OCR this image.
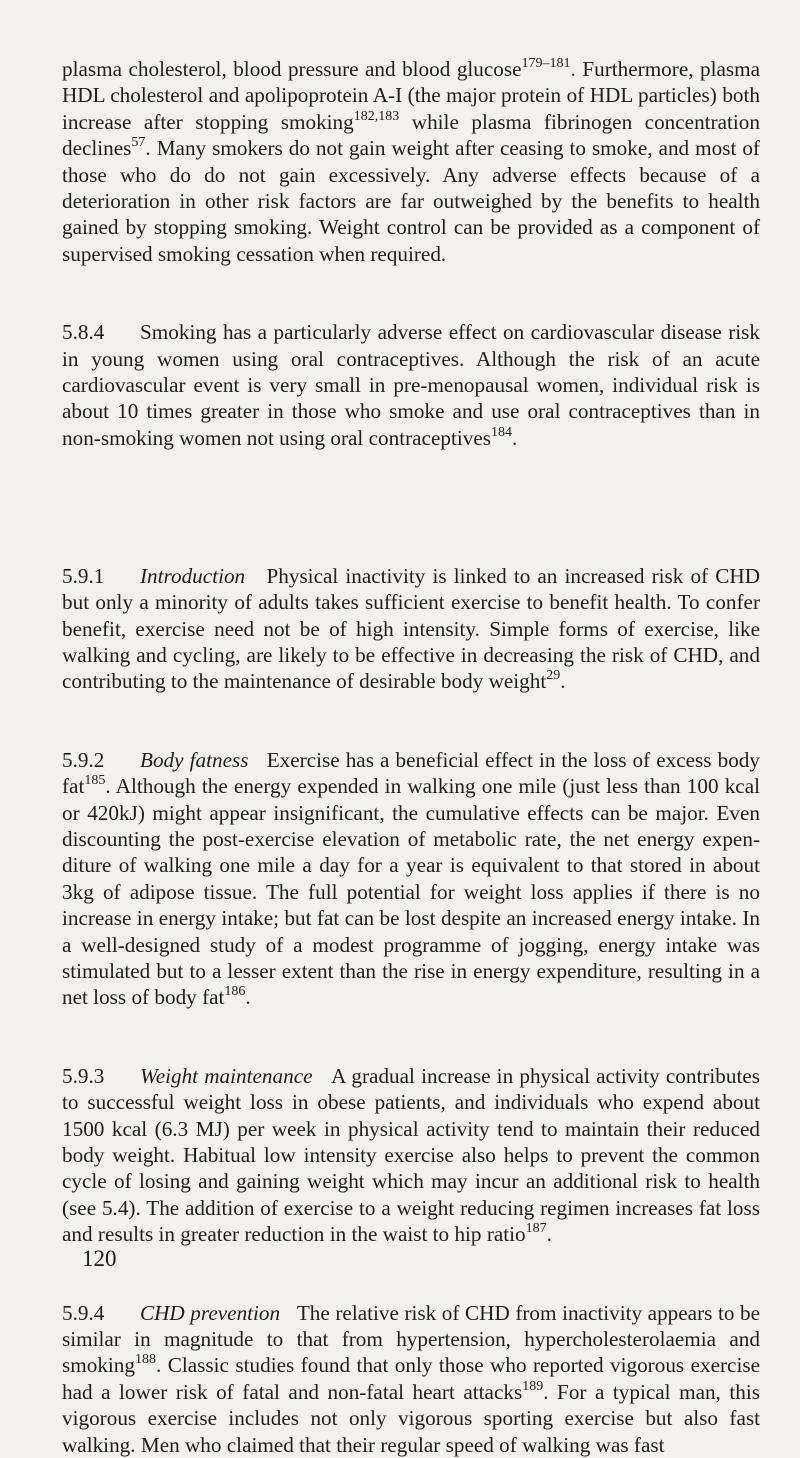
plasma cholesterol, blood pressure and blood glucose$^{179-181}$. Furthermore, plasma HDL cholesterol and apolipoprotein A-I (the major protein of HDL particles) both increase after stopping smoking$^{182,183}$ while plasma fibrinogen concentration declines$^{57}$. Many smokers do not gain weight after ceasing to smoke, and most of those who do do not gain excessively. Any adverse effects because of a deterioration in other risk factors are far outweighed by the benefits to health gained by stopping smoking. Weight control can be provided as a component of supervised smoking cessation when required.

5.8.4 Smoking has a particularly adverse effect on cardiovascular disease risk in young women using oral contraceptives. Although the risk of an acute cardiovascular event is very small in pre-menopausal women, individual risk is about 10 times greater in those who smoke and use oral contraceptives than in non-smoking women not using oral contraceptives$^{184}$.

5.9.1 Introduction Physical inactivity is linked to an increased risk of CHD but only a minority of adults takes sufficient exercise to benefit health. To confer benefit, exercise need not be of high intensity. Simple forms of exercise, like walking and cycling, are likely to be effective in decreasing the risk of CHD, and contributing to the maintenance of desirable body weight$^{29}$.

5.9.2 Body fatness Exercise has a beneficial effect in the loss of excess body fat$^{185}$. Although the energy expended in walking one mile (just less than 100 kcal or 420kJ) might appear insignificant, the cumulative effects can be major. Even discounting the post-exercise elevation of metabolic rate, the net energy expenditure of walking one mile a day for a year is equivalent to that stored in about 3kg of adipose tissue. The full potential for weight loss applies if there is no increase in energy intake; but fat can be lost despite an increased energy intake. In a well-designed study of a modest programme of jogging, energy intake was stimulated but to a lesser extent than the rise in energy expenditure, resulting in a net loss of body fat$^{186}$.

5.9.3 Weight maintenance A gradual increase in physical activity contributes to successful weight loss in obese patients, and individuals who expend about 1500 kcal (6.3 MJ) per week in physical activity tend to maintain their reduced body weight. Habitual low intensity exercise also helps to prevent the common cycle of losing and gaining weight which may incur an additional risk to health (see 5.4). The addition of exercise to a weight reducing regimen increases fat loss and results in greater reduction in the waist to hip ratio$^{187}$.

5.9.4 CHD prevention The relative risk of CHD from inactivity appears to be similar in magnitude to that from hypertension, hypercholesterolaemia and smoking$^{188}$. Classic studies found that only those who reported vigorous exercise had a lower risk of fatal and non-fatal heart attacks$^{189}$. For a typical man, this vigorous exercise includes not only vigorous sporting exercise but also fast walking. Men who claimed that their regular speed of walking was fast

120
